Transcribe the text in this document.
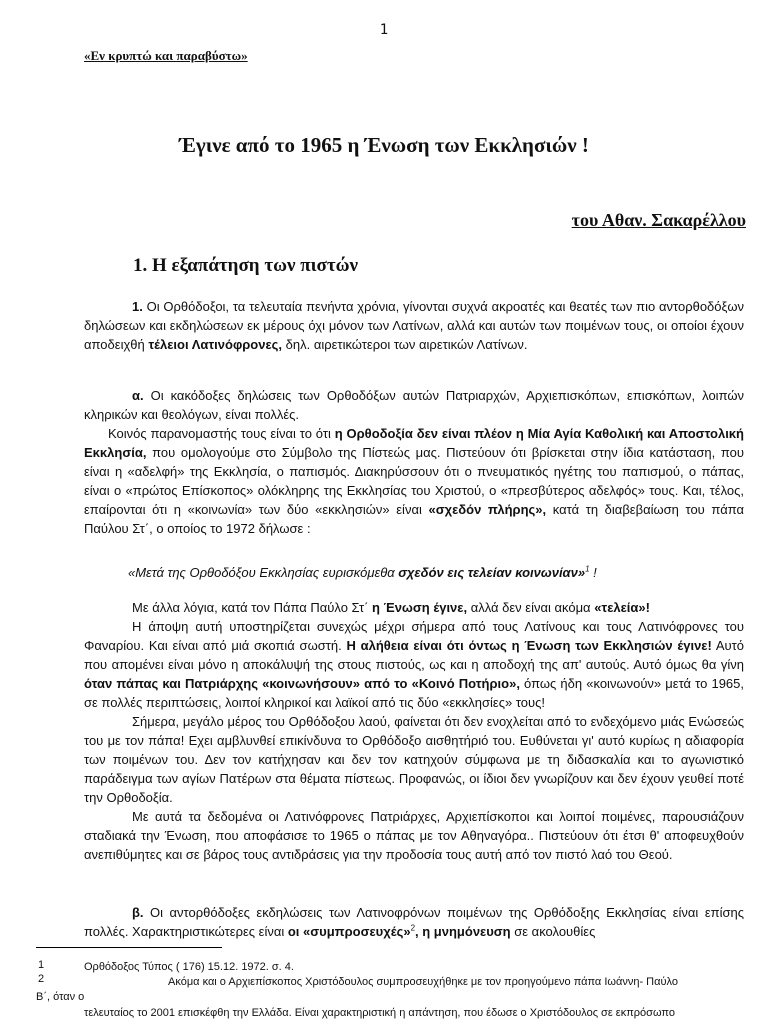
1
«Εν κρυπτώ και παραβύστω»
Έγινε από το 1965 η Ένωση των Εκκλησιών !
του Αθαν. Σακαρέλλου
1. Η εξαπάτηση των πιστών

1. Οι Ορθόδοξοι, τα τελευταία πενήντα χρόνια, γίνονται συχνά ακροατές και θεατές των πιο αντορθοδόξων δηλώσεων και εκδηλώσεων εκ μέρους όχι μόνον των Λατίνων, αλλά και αυτών των ποιμένων τους, οι οποίοι έχουν αποδειχθή τέλειοι Λατινόφρονες, δηλ. αιρετικώτεροι των αιρετικών Λατίνων.

α. Οι κακόδοξες δηλώσεις των Ορθοδόξων αυτών Πατριαρχών, Αρχιεπισκόπων, επισκόπων, λοιπών κληρικών και θεολόγων, είναι πολλές.

Κοινός παρανομαστής τους είναι το ότι η Ορθοδοξία δεν είναι πλέον η Μία Αγία Καθολική και Αποστολική Εκκλησία, που ομολογούμε στο Σύμβολο της Πίστεώς μας. Πιστεύουν ότι βρίσκεται στην ίδια κατάσταση, που είναι η «αδελφή» της Εκκλησία, ο παπισμός. Διακηρύσσουν ότι ο πνευματικός ηγέτης του παπισμού, ο πάπας, είναι ο «πρώτος Επίσκοπος» ολόκληρης της Εκκλησίας του Χριστού, ο «πρεσβύτερος αδελφός» τους. Και, τέλος, επαίρονται ότι η «κοινωνία» των δύο «εκκλησιών» είναι «σχεδόν πλήρης», κατά τη διαβεβαίωση του πάπα Παύλου Στ΄, ο οποίος το 1972 δήλωσε :

«Μετά της Ορθοδόξου Εκκλησίας ευρισκόμεθα σχεδόν εις τελείαν κοινωνίαν»$^1$ !

Με άλλα λόγια, κατά τον Πάπα Παύλο Στ΄ η Ένωση έγινε, αλλά δεν είναι ακόμα «τελεία»!

Η άποψη αυτή υποστηρίζεται συνεχώς μέχρι σήμερα από τους Λατίνους και τους Λατινόφρονες του Φαναρίου. Και είναι από μιά σκοπιά σωστή. Η αλήθεια είναι ότι όντως η Ένωση των Εκκλησιών έγινε! Αυτό που απομένει είναι μόνο η αποκάλυψή της στους πιστούς, ως και η αποδοχή της απ' αυτούς. Αυτό όμως θα γίνη όταν πάπας και Πατριάρχης «κοινωνήσουν» από το «Κοινό Ποτήριο», όπως ήδη «κοινωνούν» μετά το 1965, σε πολλές περιπτώσεις, λοιποί κληρικοί και λαϊκοί από τις δύο «εκκλησίες» τους!

Σήμερα, μεγάλο μέρος του Ορθόδοξου λαού, φαίνεται ότι δεν ενοχλείται από το ενδεχόμενο μιάς Ενώσεώς του με τον πάπα! Εχει αμβλυνθεί επικίνδυνα το Ορθόδοξο αισθητήριό του. Ευθύνεται γι' αυτό κυρίως η αδιαφορία των ποιμένων του. Δεν τον κατήχησαν και δεν τον κατηχούν σύμφωνα με τη διδασκαλία και το αγωνιστικό παράδειγμα των αγίων Πατέρων στα θέματα πίστεως. Προφανώς, οι ίδιοι δεν γνωρίζουν και δεν έχουν γευθεί ποτέ την Ορθοδοξία.

Με αυτά τα δεδομένα οι Λατινόφρονες Πατριάρχες, Αρχιεπίσκοποι και λοιποί ποιμένες, παρουσιάζουν σταδιακά την Ένωση, που αποφάσισε το 1965 ο πάπας με τον Αθηναγόρα.. Πιστεύουν ότι έτσι θ' αποφευχθούν ανεπιθύμητες και σε βάρος τους αντιδράσεις για την προδοσία τους αυτή από τον πιστό λαό του Θεού.

β. Οι αντορθόδοξες εκδηλώσεις των Λατινοφρόνων ποιμένων της Ορθόδοξης Εκκλησίας είναι επίσης πολλές. Χαρακτηριστικώτερες είναι οι «συμπροσευχές»$^2$, η μνημόνευση σε ακολουθίες

1	Ορθόδοξος Τύπος ( 176) 15.12. 1972. σ. 4.
2	Ακόμα και ο Αρχιεπίσκοπος Χριστόδουλος συμπροσευχήθηκε με τον προηγούμενο πάπα Ιωάννη- Παύλο
Β΄, όταν ο
τελευταίος το 2001 επισκέφθη την Ελλάδα. Είναι χαρακτηριστική η απάντηση, που έδωσε ο Χριστόδουλος σε εκπρόσωπο
